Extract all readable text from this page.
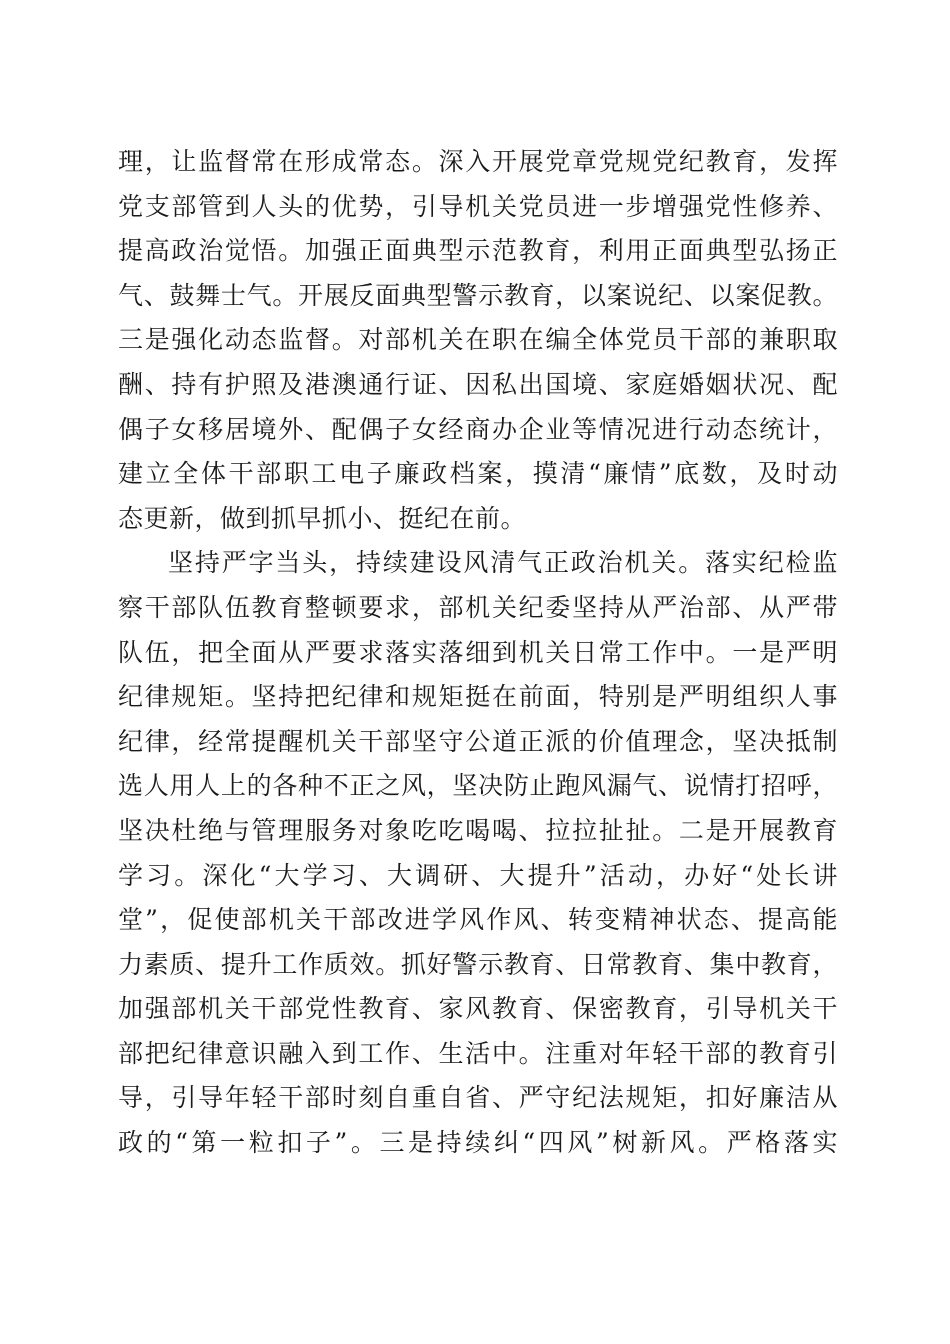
理，让监督常在形成常态。深入开展党章党规党纪教育，发挥
党支部管到人头的优势，引导机关党员进一步增强党性修养、
提高政治觉悟。加强正面典型示范教育，利用正面典型弘扬正
气、鼓舞士气。开展反面典型警示教育，以案说纪、以案促教。
三是强化动态监督。对部机关在职在编全体党员干部的兼职取
酬、持有护照及港澳通行证、因私出国境、家庭婚姻状况、配
偶子女移居境外、配偶子女经商办企业等情况进行动态统计，
建立全体干部职工电子廉政档案，摸清“廉情”底数，及时动
态更新，做到抓早抓小、挺纪在前。
坚持严字当头，持续建设风清气正政治机关。落实纪检监
察干部队伍教育整顿要求，部机关纪委坚持从严治部、从严带
队伍，把全面从严要求落实落细到机关日常工作中。一是严明
纪律规矩。坚持把纪律和规矩挺在前面，特别是严明组织人事
纪律，经常提醒机关干部坚守公道正派的价值理念，坚决抵制
选人用人上的各种不正之风，坚决防止跑风漏气、说情打招呼，
坚决杜绝与管理服务对象吃吃喝喝、拉拉扯扯。二是开展教育
学习。深化“大学习、大调研、大提升”活动，办好“处长讲
堂”，促使部机关干部改进学风作风、转变精神状态、提高能
力素质、提升工作质效。抓好警示教育、日常教育、集中教育，
加强部机关干部党性教育、家风教育、保密教育，引导机关干
部把纪律意识融入到工作、生活中。注重对年轻干部的教育引
导，引导年轻干部时刻自重自省、严守纪法规矩，扣好廉洁从
政的“第一粒扣子”。三是持续纠“四风”树新风。严格落实
